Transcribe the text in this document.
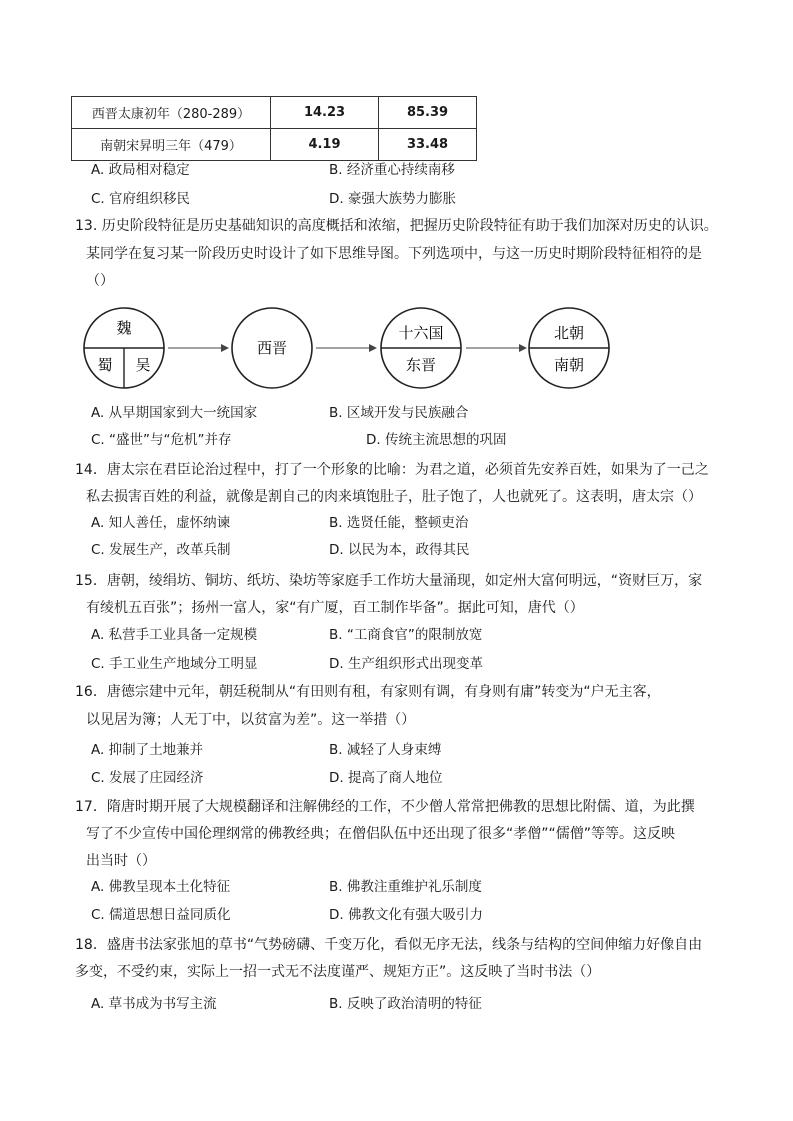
西晋太康初年（280-289）	14.23	85.39
南朝宋昇明三年（479）	4.19	33.48
A. 政局相对稳定	B. 经济重心持续南移
C. 官府组织移民	D. 豪强大族势力膨胀
13. 历史阶段特征是历史基础知识的高度概括和浓缩，把握历史阶段特征有助于我们加深对历史的认识。
某同学在复习某一阶段历史时设计了如下思维导图。下列选项中，与这一历史时期阶段特征相符的是
（）
魏
蜀 吴
西晋
十六国
东晋
北朝
南朝
A. 从早期国家到大一统国家	B. 区域开发与民族融合
C. “盛世”与“危机”并存	D. 传统主流思想的巩固
14．唐太宗在君臣论治过程中，打了一个形象的比喻：为君之道，必须首先安养百姓，如果为了一己之
私去损害百姓的利益，就像是割自己的肉来填饱肚子，肚子饱了，人也就死了。这表明，唐太宗（）
A. 知人善任，虚怀纳谏	B. 选贤任能，整顿吏治
C. 发展生产，改革兵制	D. 以民为本，政得其民
15．唐朝，绫绢坊、铜坊、纸坊、染坊等家庭手工作坊大量涌现，如定州大富何明远，“资财巨万，家
有绫机五百张”；扬州一富人，家“有广厦，百工制作毕备”。据此可知，唐代（）
A. 私营手工业具备一定规模	B. “工商食官”的限制放宽
C. 手工业生产地域分工明显	D. 生产组织形式出现变革
16．唐德宗建中元年，朝廷税制从“有田则有租，有家则有调，有身则有庸”转变为“户无主客，
以见居为簿；人无丁中，以贫富为差”。这一举措（）
A. 抑制了土地兼并	B. 减轻了人身束缚
C. 发展了庄园经济	D. 提高了商人地位
17．隋唐时期开展了大规模翻译和注解佛经的工作，不少僧人常常把佛教的思想比附儒、道，为此撰
写了不少宣传中国伦理纲常的佛教经典；在僧侣队伍中还出现了很多“孝僧”“儒僧”等等。这反映
出当时（）
A. 佛教呈现本土化特征	B. 佛教注重维护礼乐制度
C. 儒道思想日益同质化	D. 佛教文化有强大吸引力
18．盛唐书法家张旭的草书“气势磅礴、千变万化，看似无序无法，线条与结构的空间伸缩力好像自由
多变，不受约束，实际上一招一式无不法度谨严、规矩方正”。这反映了当时书法（）
A. 草书成为书写主流	B. 反映了政治清明的特征
